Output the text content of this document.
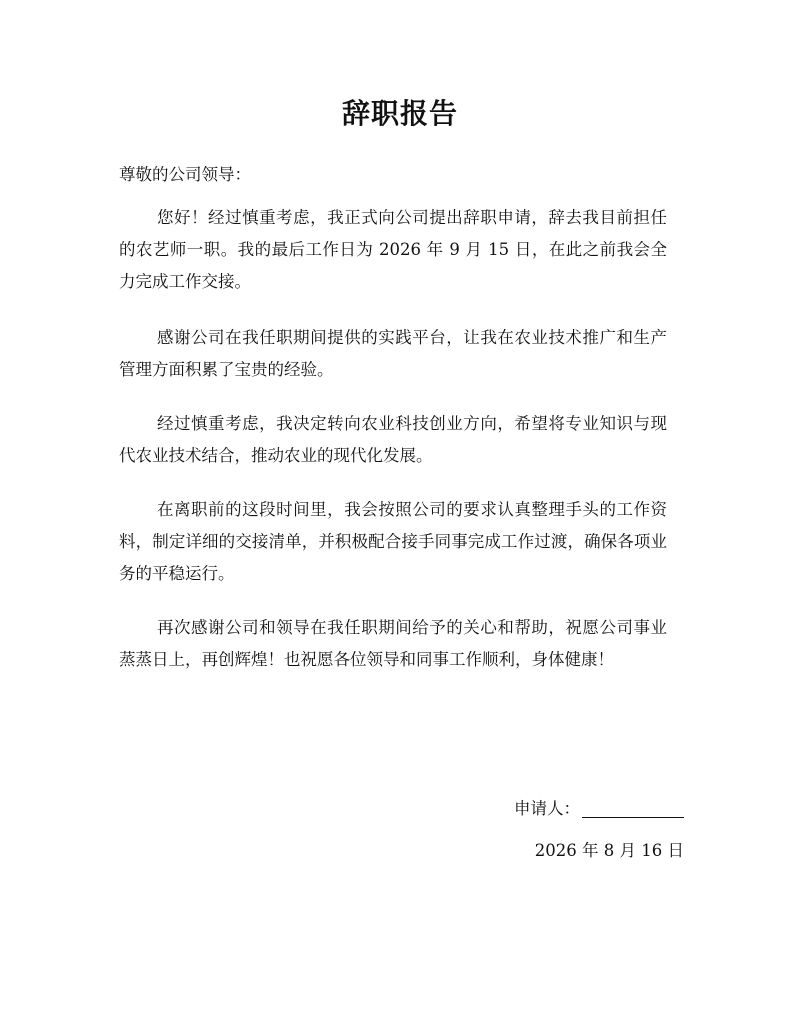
辞职报告
尊敬的公司领导：
您好！经过慎重考虑，我正式向公司提出辞职申请，辞去我目前担任的农艺师一职。我的最后工作日为 2026 年 9 月 15 日，在此之前我会全力完成工作交接。
感谢公司在我任职期间提供的实践平台，让我在农业技术推广和生产管理方面积累了宝贵的经验。
经过慎重考虑，我决定转向农业科技创业方向，希望将专业知识与现代农业技术结合，推动农业的现代化发展。
在离职前的这段时间里，我会按照公司的要求认真整理手头的工作资料，制定详细的交接清单，并积极配合接手同事完成工作过渡，确保各项业务的平稳运行。
再次感谢公司和领导在我任职期间给予的关心和帮助，祝愿公司事业蒸蒸日上，再创辉煌！也祝愿各位领导和同事工作顺利，身体健康！
申请人：
2026 年 8 月 16 日
